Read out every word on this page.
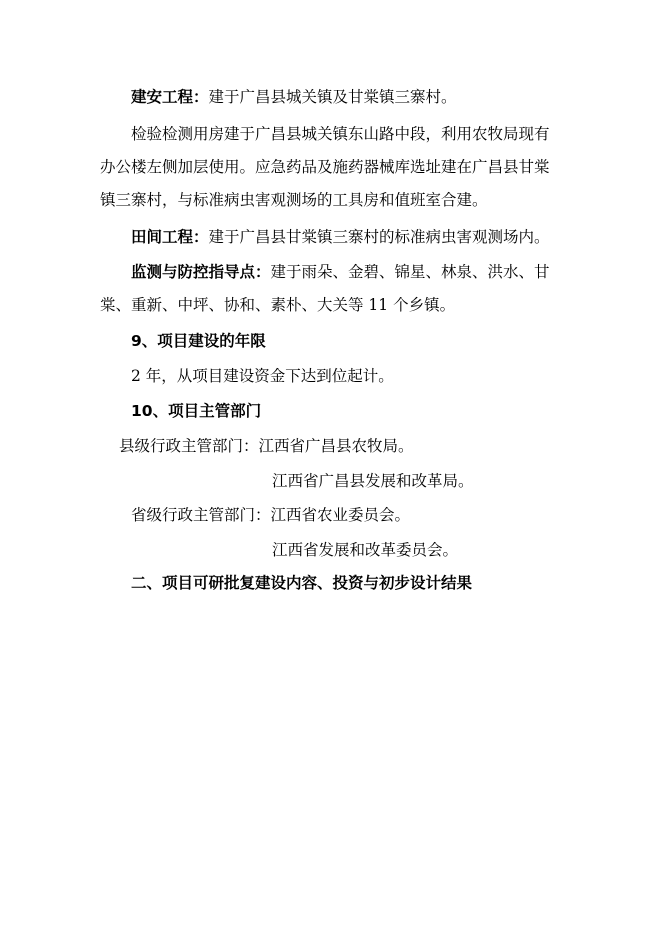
建安工程：建于广昌县城关镇及甘棠镇三寨村。
检验检测用房建于广昌县城关镇东山路中段，利用农牧局现有
办公楼左侧加层使用。应急药品及施药器械库选址建在广昌县甘棠
镇三寨村，与标准病虫害观测场的工具房和值班室合建。
田间工程：建于广昌县甘棠镇三寨村的标准病虫害观测场内。
监测与防控指导点：建于雨朵、金碧、锦星、林泉、洪水、甘
棠、重新、中坪、协和、素朴、大关等 11 个乡镇。
9、项目建设的年限
2 年，从项目建设资金下达到位起计。
10、项目主管部门
县级行政主管部门：江西省广昌县农牧局。
江西省广昌县发展和改革局。
省级行政主管部门：江西省农业委员会。
江西省发展和改革委员会。
二、项目可研批复建设内容、投资与初步设计结果
